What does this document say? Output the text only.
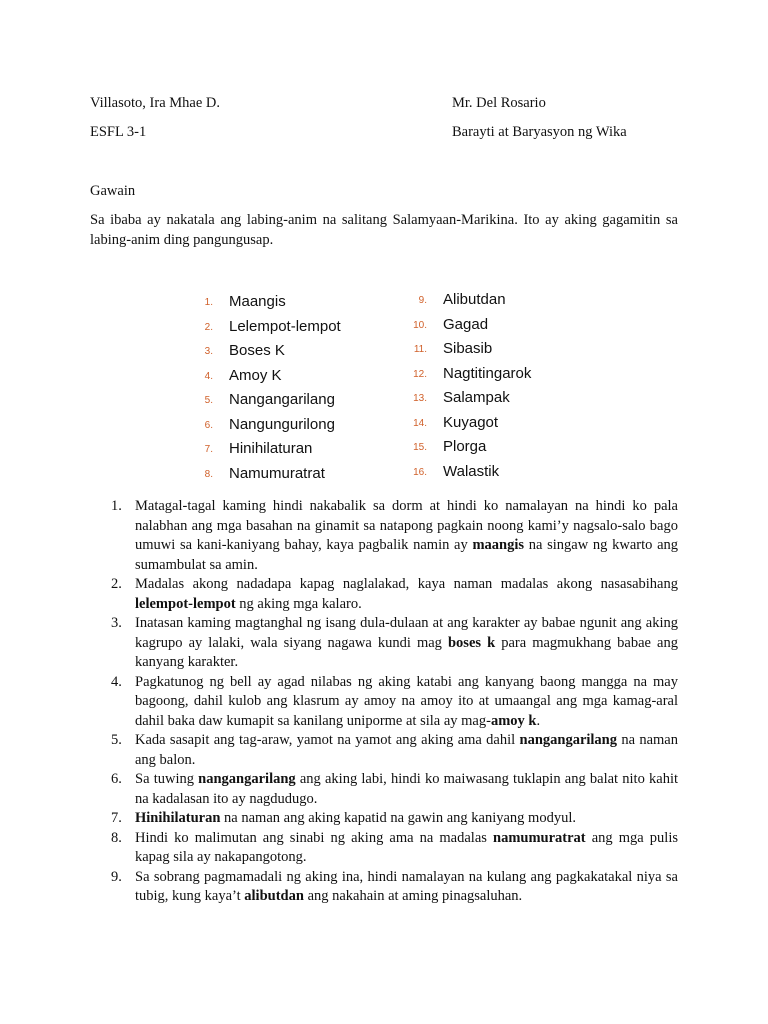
Villasoto, Ira Mhae D.	Mr. Del Rosario
ESFL 3-1	Barayti at Baryasyon ng Wika
Gawain
Sa ibaba ay nakatala ang labing-anim na salitang Salamyaan-Marikina. Ito ay aking gagamitin sa labing-anim ding pangungusap.
1. Maangis
2. Lelempot-lempot
3. Boses K
4. Amoy K
5. Nangangarilang
6. Nangungurilong
7. Hinihilaturan
8. Namumuratrat
9. Alibutdan
10. Gagad
11. Sibasib
12. Nagtitingarok
13. Salampak
14. Kuyagot
15. Plorga
16. Walastik
1. Matagal-tagal kaming hindi nakabalik sa dorm at hindi ko namalayan na hindi ko pala nalabhan ang mga basahan na ginamit sa natapong pagkain noong kami’y nagsalo-salo bago umuwi sa kani-kaniyang bahay, kaya pagbalik namin ay maangis na singaw ng kwarto ang sumambulat sa amin.
2. Madalas akong nadadapa kapag naglalakad, kaya naman madalas akong nasasabihang lelempot-lempot ng aking mga kalaro.
3. Inatasan kaming magtanghal ng isang dula-dulaan at ang karakter ay babae ngunit ang aking kagrupo ay lalaki, wala siyang nagawa kundi mag boses k para magmukhang babae ang kanyang karakter.
4. Pagkatunog ng bell ay agad nilabas ng aking katabi ang kanyang baong mangga na may bagoong, dahil kulob ang klasrum ay amoy na amoy ito at umaangal ang mga kamag-aral dahil baka daw kumapit sa kanilang uniporme at sila ay mag-amoy k.
5. Kada sasapit ang tag-araw, yamot na yamot ang aking ama dahil nangangarilang na naman ang balon.
6. Sa tuwing nangangarilang ang aking labi, hindi ko maiwasang tuklapin ang balat nito kahit na kadalasan ito ay nagdudugo.
7. Hinihilaturan na naman ang aking kapatid na gawin ang kaniyang modyul.
8. Hindi ko malimutan ang sinabi ng aking ama na madalas namumuratrat ang mga pulis kapag sila ay nakapangotong.
9. Sa sobrang pagmamadali ng aking ina, hindi namalayan na kulang ang pagkakatakal niya sa tubig, kung kaya’t alibutdan ang nakahain at aming pinagsaluhan.
